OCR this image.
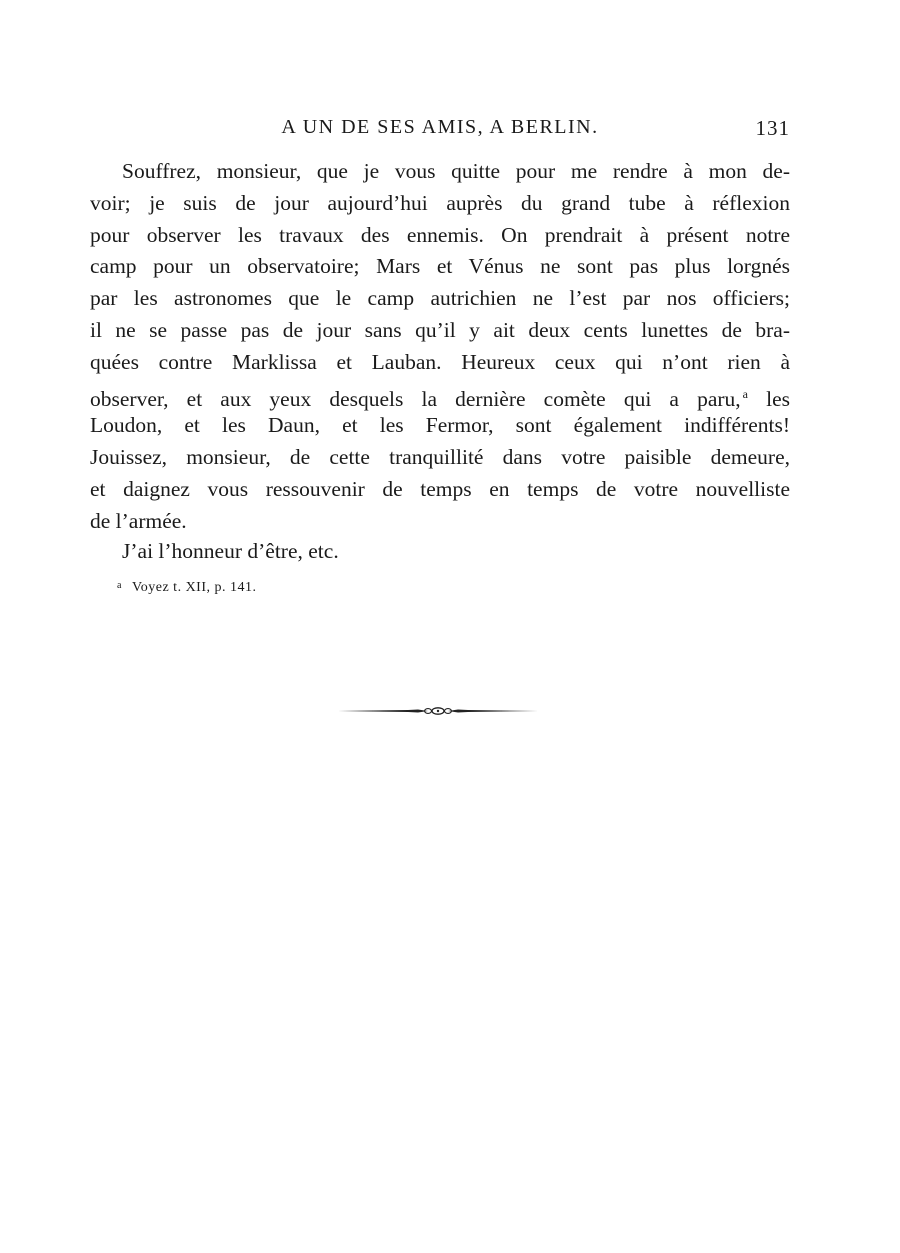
A UN DE SES AMIS, A BERLIN.	131
Souffrez, monsieur, que je vous quitte pour me rendre à mon de-
voir; je suis de jour aujourd’hui auprès du grand tube à réflexion
pour observer les travaux des ennemis. On prendrait à présent notre
camp pour un observatoire; Mars et Vénus ne sont pas plus lorgnés
par les astronomes que le camp autrichien ne l’est par nos officiers;
il ne se passe pas de jour sans qu’il y ait deux cents lunettes de bra-
quées contre Marklissa et Lauban. Heureux ceux qui n’ont rien à
observer, et aux yeux desquels la dernière comète qui a paru, $^a$ les
Loudon, et les Daun, et les Fermor, sont également indifférents!
Jouissez, monsieur, de cette tranquillité dans votre paisible demeure,
et daignez vous ressouvenir de temps en temps de votre nouvelliste
de l’armée.
J’ai l’honneur d’être, etc.
$^a$ Voyez t. XII, p. 141.
